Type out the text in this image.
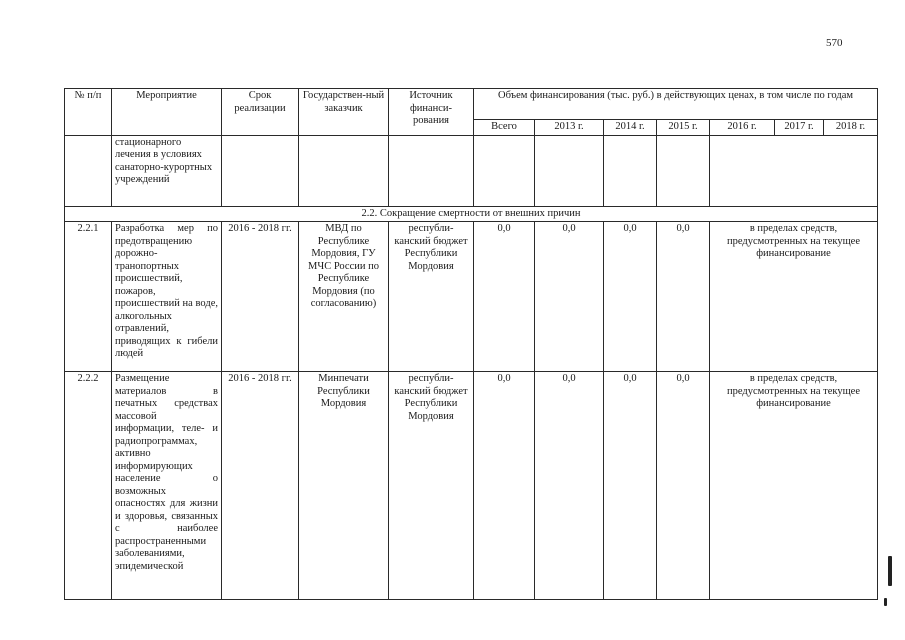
570
№ п/п	Мероприятие	Срок реализации	Государствен-ный заказчик	Источник финанси-рования	Объем финансирования (тыс. руб.) в действующих ценах, в том числе по годам						
					Всего	2013 г.	2014 г.	2015 г.	2016 г.	2017 г.	2018 г.
	стационарного лечения в условиях санаторно-курортных учреждений										
2.2. Сокращение смертности от внешних причин											
2.2.1	Разработка мер по предотвращению дорожно-транопортных происшествий, пожаров, происшествий на воде, алкогольных отравлений, приводящих к гибели людей	2016 - 2018 гг.	МВД по Республике Мордовия, ГУ МЧС России по Республике Мордовия (по согласованию)	республи-канский бюджет Республики Мордовия	0,0	0,0	0,0	0,0	в пределах средств, предусмотренных на текущее финансирование		
2.2.2	Размещение материалов в печатных средствах массовой информации, теле- и радиопрограммах, активно информирующих население о возможных опасностях для жизни и здоровья, связанных с наиболее распространенными заболеваниями, эпидемической	2016 - 2018 гг.	Минпечати Республики Мордовия	республи-канский бюджет Республики Мордовия	0,0	0,0	0,0	0,0	в пределах средств, предусмотренных на текущее финансирование		
